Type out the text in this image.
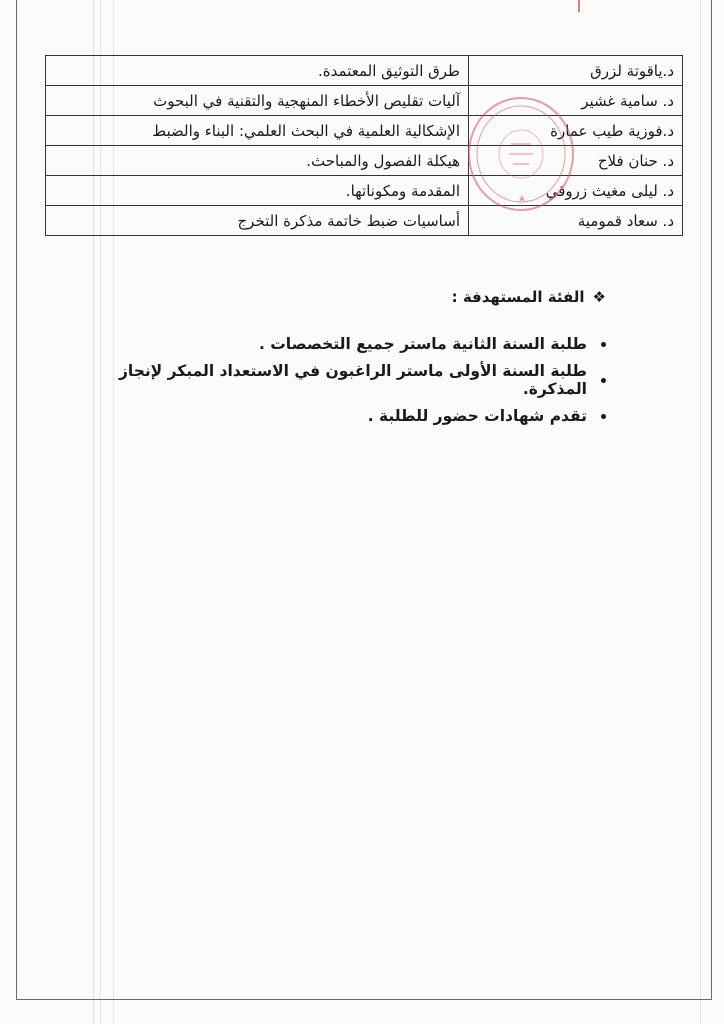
د.ياقوتة لزرق	طرق التوثيق المعتمدة.
د. سامية غشير	آليات تقليص الأخطاء المنهجية والتقنية في البحوث
د.فوزية طيب عمارة	الإشكالية العلمية في البحث العلمي: البناء والضبط
د. حنان فلاح	هيكلة الفصول والمباحث.
د. ليلى مغيث زروقي	المقدمة ومكوناتها.
د. سعاد قمومية	أساسيات ضبط خاتمة مذكرة التخرج
❖
الفئة المستهدفة :
طلبة السنة الثانية ماستر جميع التخصصات .
طلبة السنة الأولى ماستر الراغبون في الاستعداد المبكر لإنجاز المذكرة.
تقدم شهادات حضور للطلبة .
